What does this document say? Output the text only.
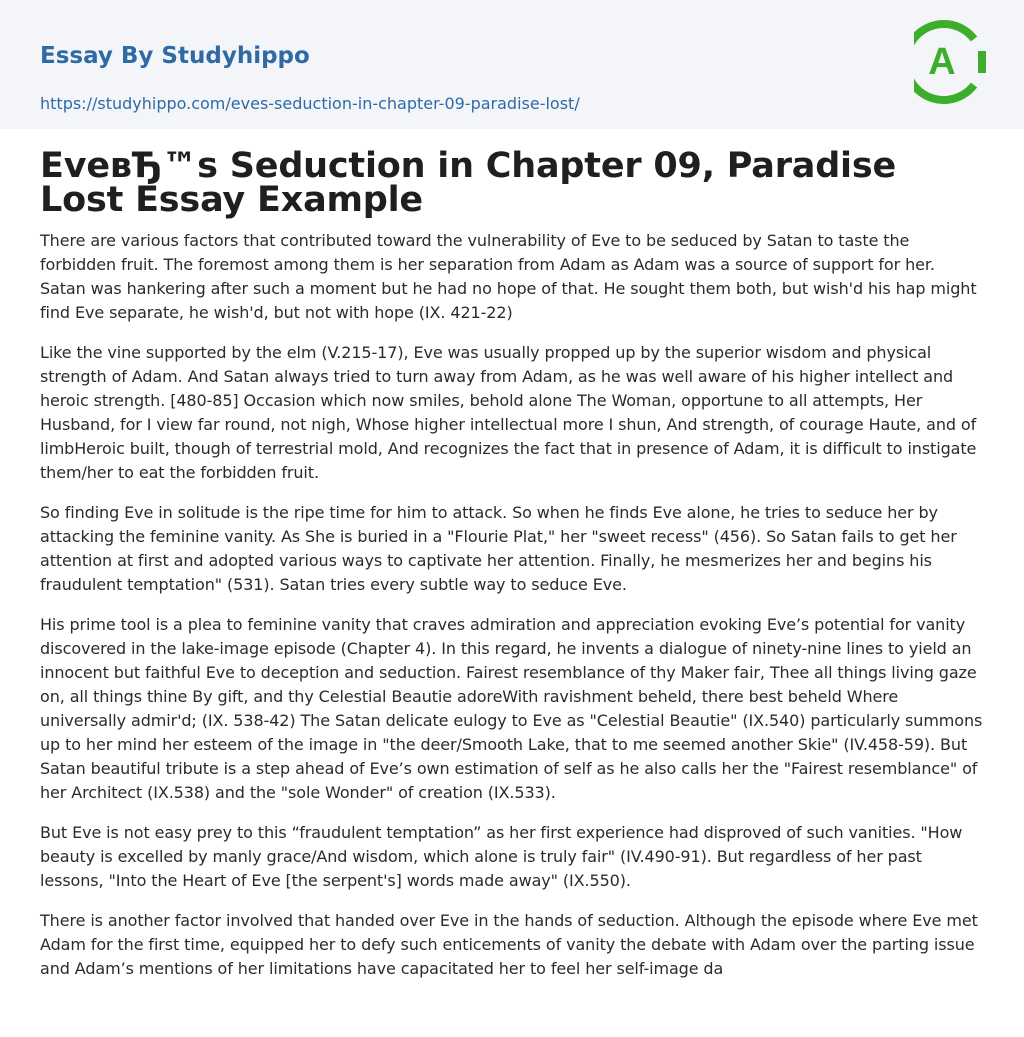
Essay By Studyhippo
https://studyhippo.com/eves-seduction-in-chapter-09-paradise-lost/
A
EveвЂ™s Seduction in Chapter 09, Paradise Lost Essay Example

There are various factors that contributed toward the vulnerability of Eve to be seduced by Satan to taste the forbidden fruit. The foremost among them is her separation from Adam as Adam was a source of support for her. Satan was hankering after such a moment but he had no hope of that. He sought them both, but wish'd his hap might find Eve separate, he wish'd, but not with hope (IX. 421-22)

Like the vine supported by the elm (V.215-17), Eve was usually propped up by the superior wisdom and physical strength of Adam. And Satan always tried to turn away from Adam, as he was well aware of his higher intellect and heroic strength. [480-85] Occasion which now smiles, behold alone The Woman, opportune to all attempts, Her Husband, for I view far round, not nigh, Whose higher intellectual more I shun, And strength, of courage Haute, and of limbHeroic built, though of terrestrial mold, And recognizes the fact that in presence of Adam, it is difficult to instigate them/her to eat the forbidden fruit.

So finding Eve in solitude is the ripe time for him to attack. So when he finds Eve alone, he tries to seduce her by attacking the feminine vanity. As She is buried in a "Flourie Plat," her "sweet recess" (456). So Satan fails to get her attention at first and adopted various ways to captivate her attention. Finally, he mesmerizes her and begins his fraudulent temptation" (531). Satan tries every subtle way to seduce Eve.

His prime tool is a plea to feminine vanity that craves admiration and appreciation evoking Eve’s potential for vanity discovered in the lake-image episode (Chapter 4). In this regard, he invents a dialogue of ninety-nine lines to yield an innocent but faithful Eve to deception and seduction. Fairest resemblance of thy Maker fair, Thee all things living gaze on, all things thine By gift, and thy Celestial Beautie adoreWith ravishment beheld, there best beheld Where universally admir'd; (IX. 538-42) The Satan delicate eulogy to Eve as "Celestial Beautie" (IX.540) particularly summons up to her mind her esteem of the image in "the deer/Smooth Lake, that to me seemed another Skie" (IV.458-59). But Satan beautiful tribute is a step ahead of Eve’s own estimation of self as he also calls her the "Fairest resemblance" of her Architect (IX.538) and the "sole Wonder" of creation (IX.533).

But Eve is not easy prey to this “fraudulent temptation” as her first experience had disproved of such vanities. "How beauty is excelled by manly grace/And wisdom, which alone is truly fair" (IV.490-91). But regardless of her past lessons, "Into the Heart of Eve [the serpent's] words made away" (IX.550).

There is another factor involved that handed over Eve in the hands of seduction. Although the episode where Eve met Adam for the first time, equipped her to defy such enticements of vanity the debate with Adam over the parting issue and Adam’s mentions of her limitations have capacitated her to feel her self-image da
